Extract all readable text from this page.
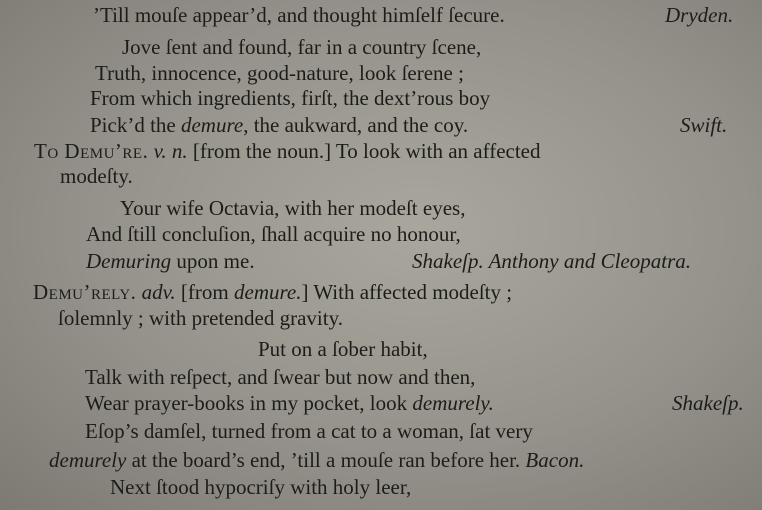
’Till mouſe appear’d, and thought himſelf ſecure.	Dryden.
Jove ſent and found, far in a country ſcene,
Truth, innocence, good-nature, look ſerene ;
From which ingredients, firſt, the dext’rous boy
Pick’d the demure, the aukward, and the coy.	Swift.
To Demu’re. v. n. [from the noun.] To look with an affected
modeſty.
Your wife Octavia, with her modeſt eyes,
And ſtill concluſion, ſhall acquire no honour,
Demuring upon me.	Shakeſp. Anthony and Cleopatra.
Demu’rely. adv. [from demure.] With affected modeſty ;
ſolemnly ; with pretended gravity.
Put on a ſober habit,
Talk with reſpect, and ſwear but now and then,
Wear prayer-books in my pocket, look demurely.	Shakeſp.
Eſop’s damſel, turned from a cat to a woman, ſat very
demurely at the board’s end, ’till a mouſe ran before her. Bacon.
Next ſtood hypocriſy with holy leer,
